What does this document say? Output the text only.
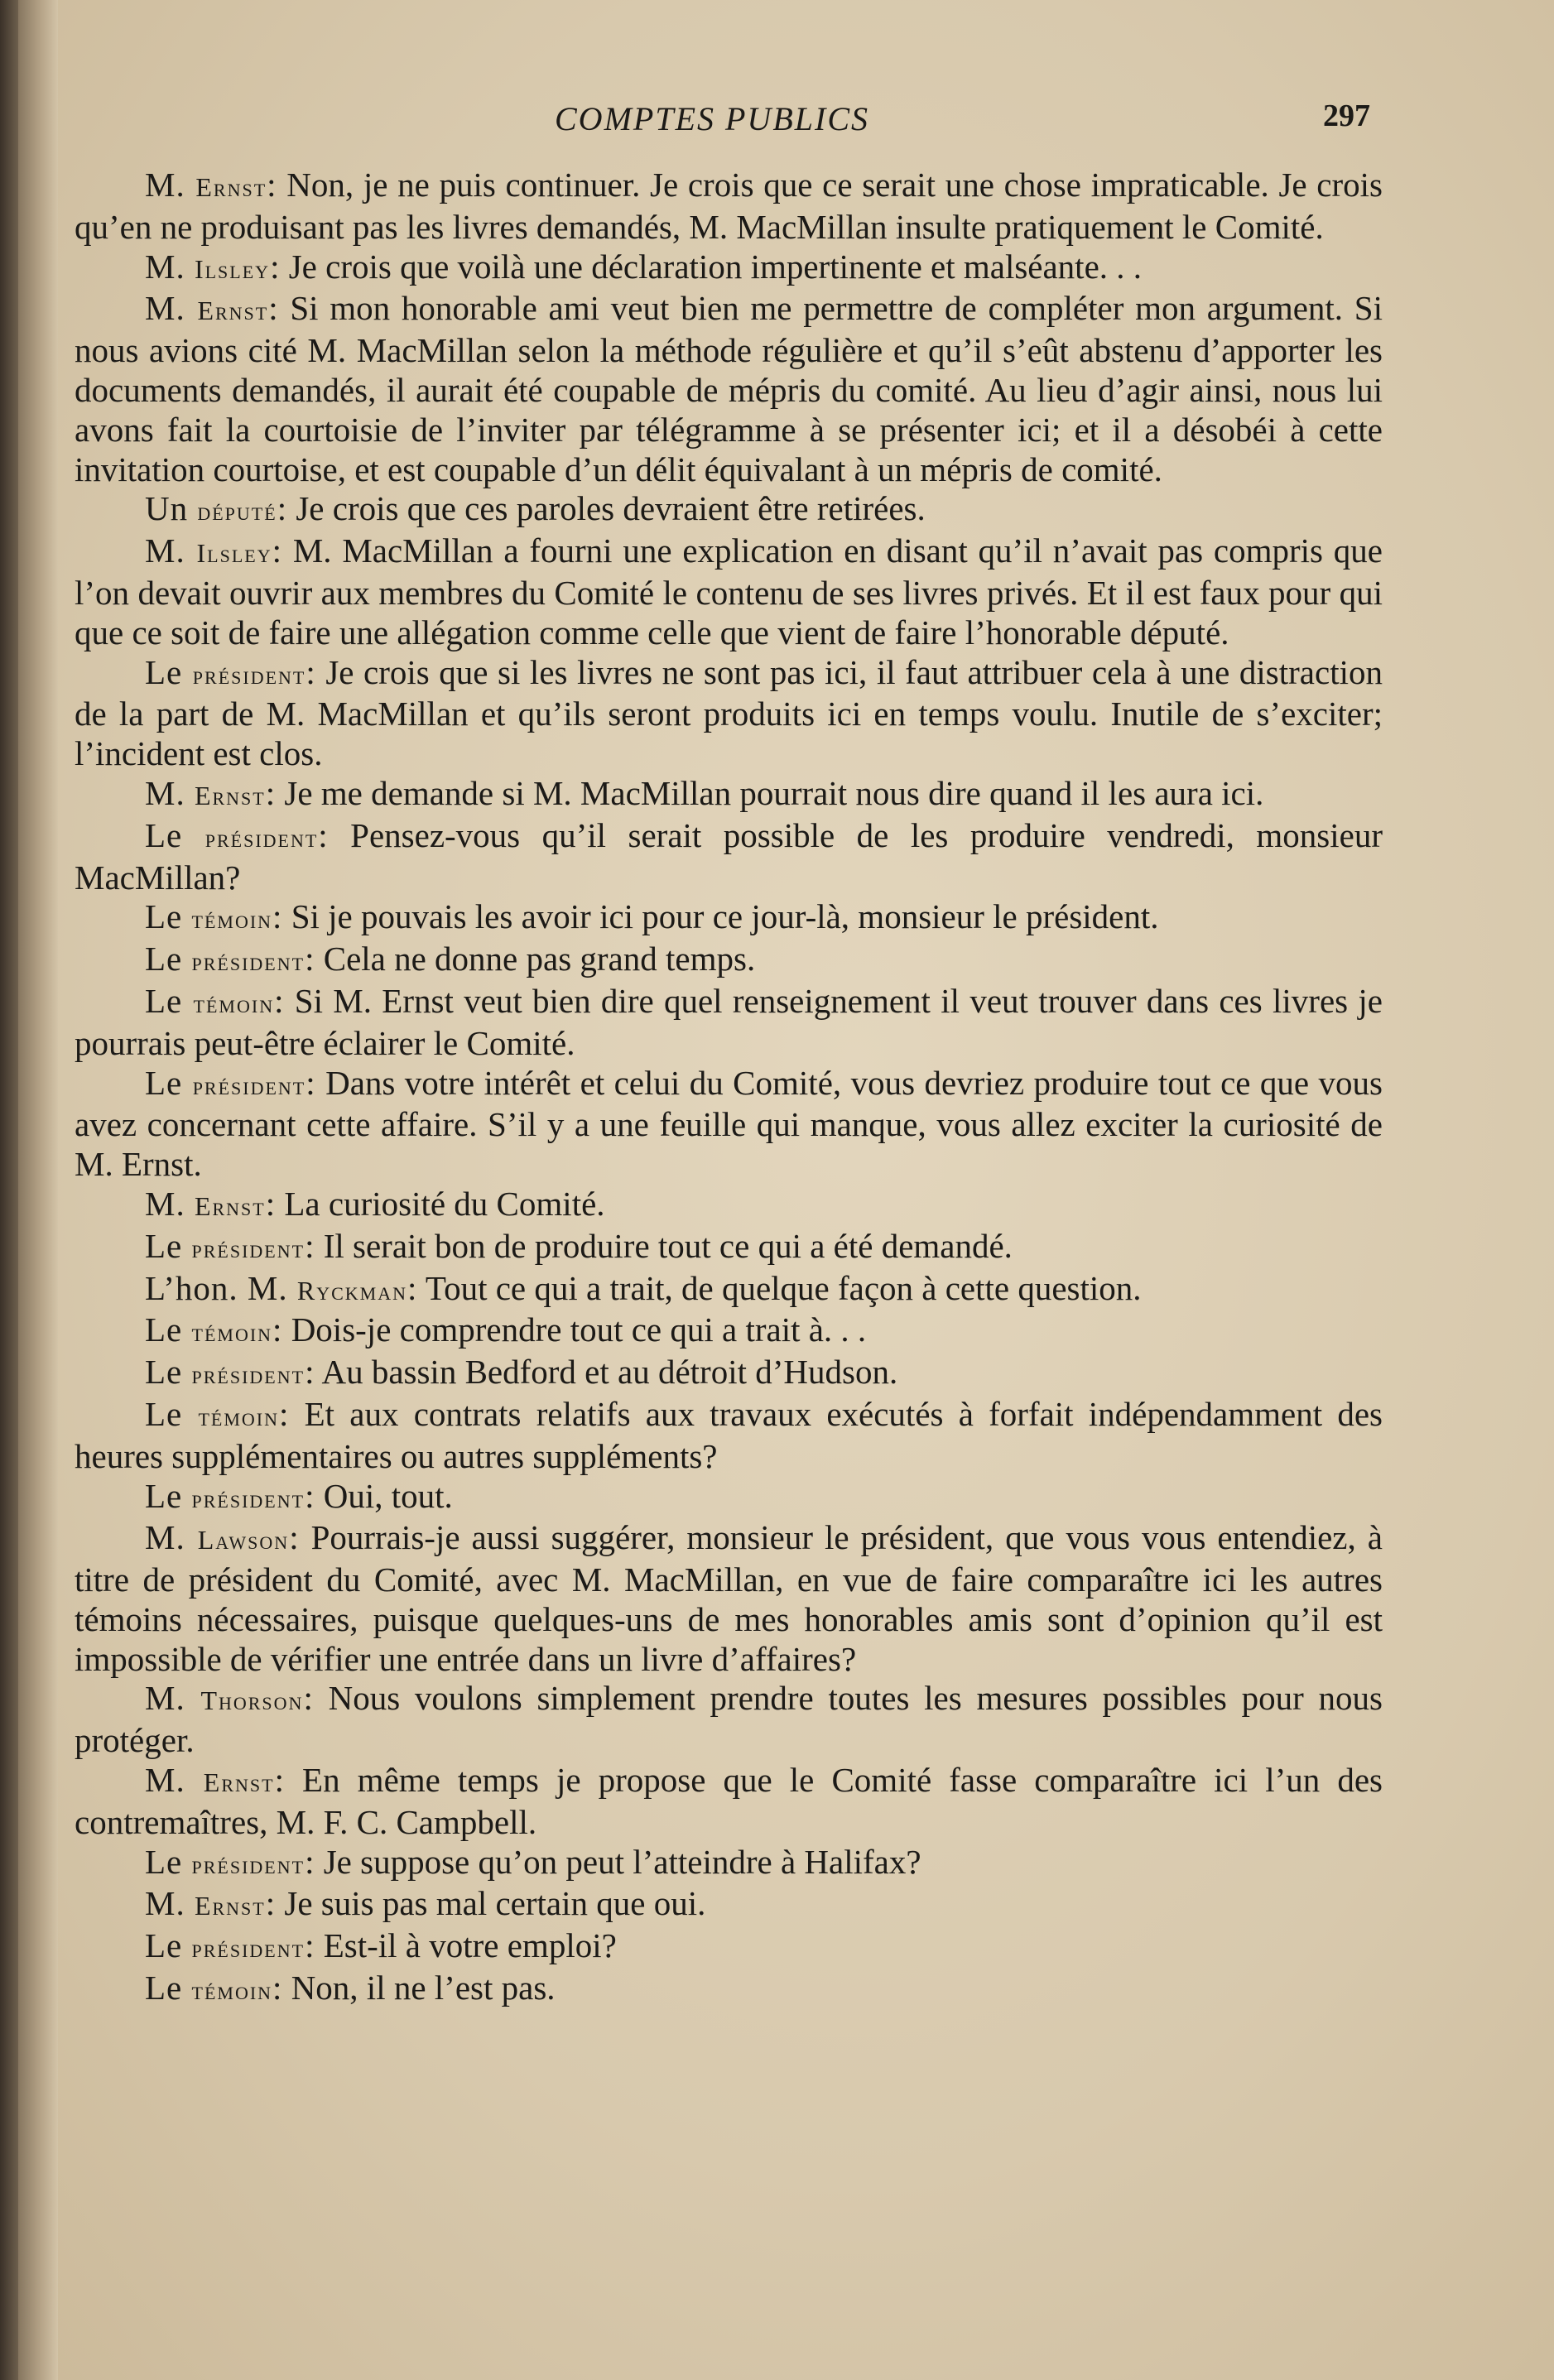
COMPTES PUBLICS	297

M. Ernst: Non, je ne puis continuer. Je crois que ce serait une chose impraticable. Je crois qu’en ne produisant pas les livres demandés, M. MacMillan insulte pratiquement le Comité.

M. Ilsley: Je crois que voilà une déclaration impertinente et malséante. . .

M. Ernst: Si mon honorable ami veut bien me permettre de compléter mon argument. Si nous avions cité M. MacMillan selon la méthode régulière et qu’il s’eût abstenu d’apporter les documents demandés, il aurait été coupable de mépris du comité. Au lieu d’agir ainsi, nous lui avons fait la courtoisie de l’inviter par télégramme à se présenter ici; et il a désobéi à cette invitation courtoise, et est coupable d’un délit équivalant à un mépris de comité.

Un député: Je crois que ces paroles devraient être retirées.

M. Ilsley: M. MacMillan a fourni une explication en disant qu’il n’avait pas compris que l’on devait ouvrir aux membres du Comité le contenu de ses livres privés. Et il est faux pour qui que ce soit de faire une allégation comme celle que vient de faire l’honorable député.

Le président: Je crois que si les livres ne sont pas ici, il faut attribuer cela à une distraction de la part de M. MacMillan et qu’ils seront produits ici en temps voulu. Inutile de s’exciter; l’incident est clos.

M. Ernst: Je me demande si M. MacMillan pourrait nous dire quand il les aura ici.

Le président: Pensez-vous qu’il serait possible de les produire vendredi, monsieur MacMillan?

Le témoin: Si je pouvais les avoir ici pour ce jour-là, monsieur le président.

Le président: Cela ne donne pas grand temps.

Le témoin: Si M. Ernst veut bien dire quel renseignement il veut trouver dans ces livres je pourrais peut-être éclairer le Comité.

Le président: Dans votre intérêt et celui du Comité, vous devriez produire tout ce que vous avez concernant cette affaire. S’il y a une feuille qui manque, vous allez exciter la curiosité de M. Ernst.

M. Ernst: La curiosité du Comité.

Le président: Il serait bon de produire tout ce qui a été demandé.

L’hon. M. Ryckman: Tout ce qui a trait, de quelque façon à cette question.

Le témoin: Dois-je comprendre tout ce qui a trait à. . .

Le président: Au bassin Bedford et au détroit d’Hudson.

Le témoin: Et aux contrats relatifs aux travaux exécutés à forfait indépendamment des heures supplémentaires ou autres suppléments?

Le président: Oui, tout.

M. Lawson: Pourrais-je aussi suggérer, monsieur le président, que vous vous entendiez, à titre de président du Comité, avec M. MacMillan, en vue de faire comparaître ici les autres témoins nécessaires, puisque quelques-uns de mes honorables amis sont d’opinion qu’il est impossible de vérifier une entrée dans un livre d’affaires?

M. Thorson: Nous voulons simplement prendre toutes les mesures possibles pour nous protéger.

M. Ernst: En même temps je propose que le Comité fasse comparaître ici l’un des contremaîtres, M. F. C. Campbell.

Le président: Je suppose qu’on peut l’atteindre à Halifax?

M. Ernst: Je suis pas mal certain que oui.

Le président: Est-il à votre emploi?

Le témoin: Non, il ne l’est pas.
